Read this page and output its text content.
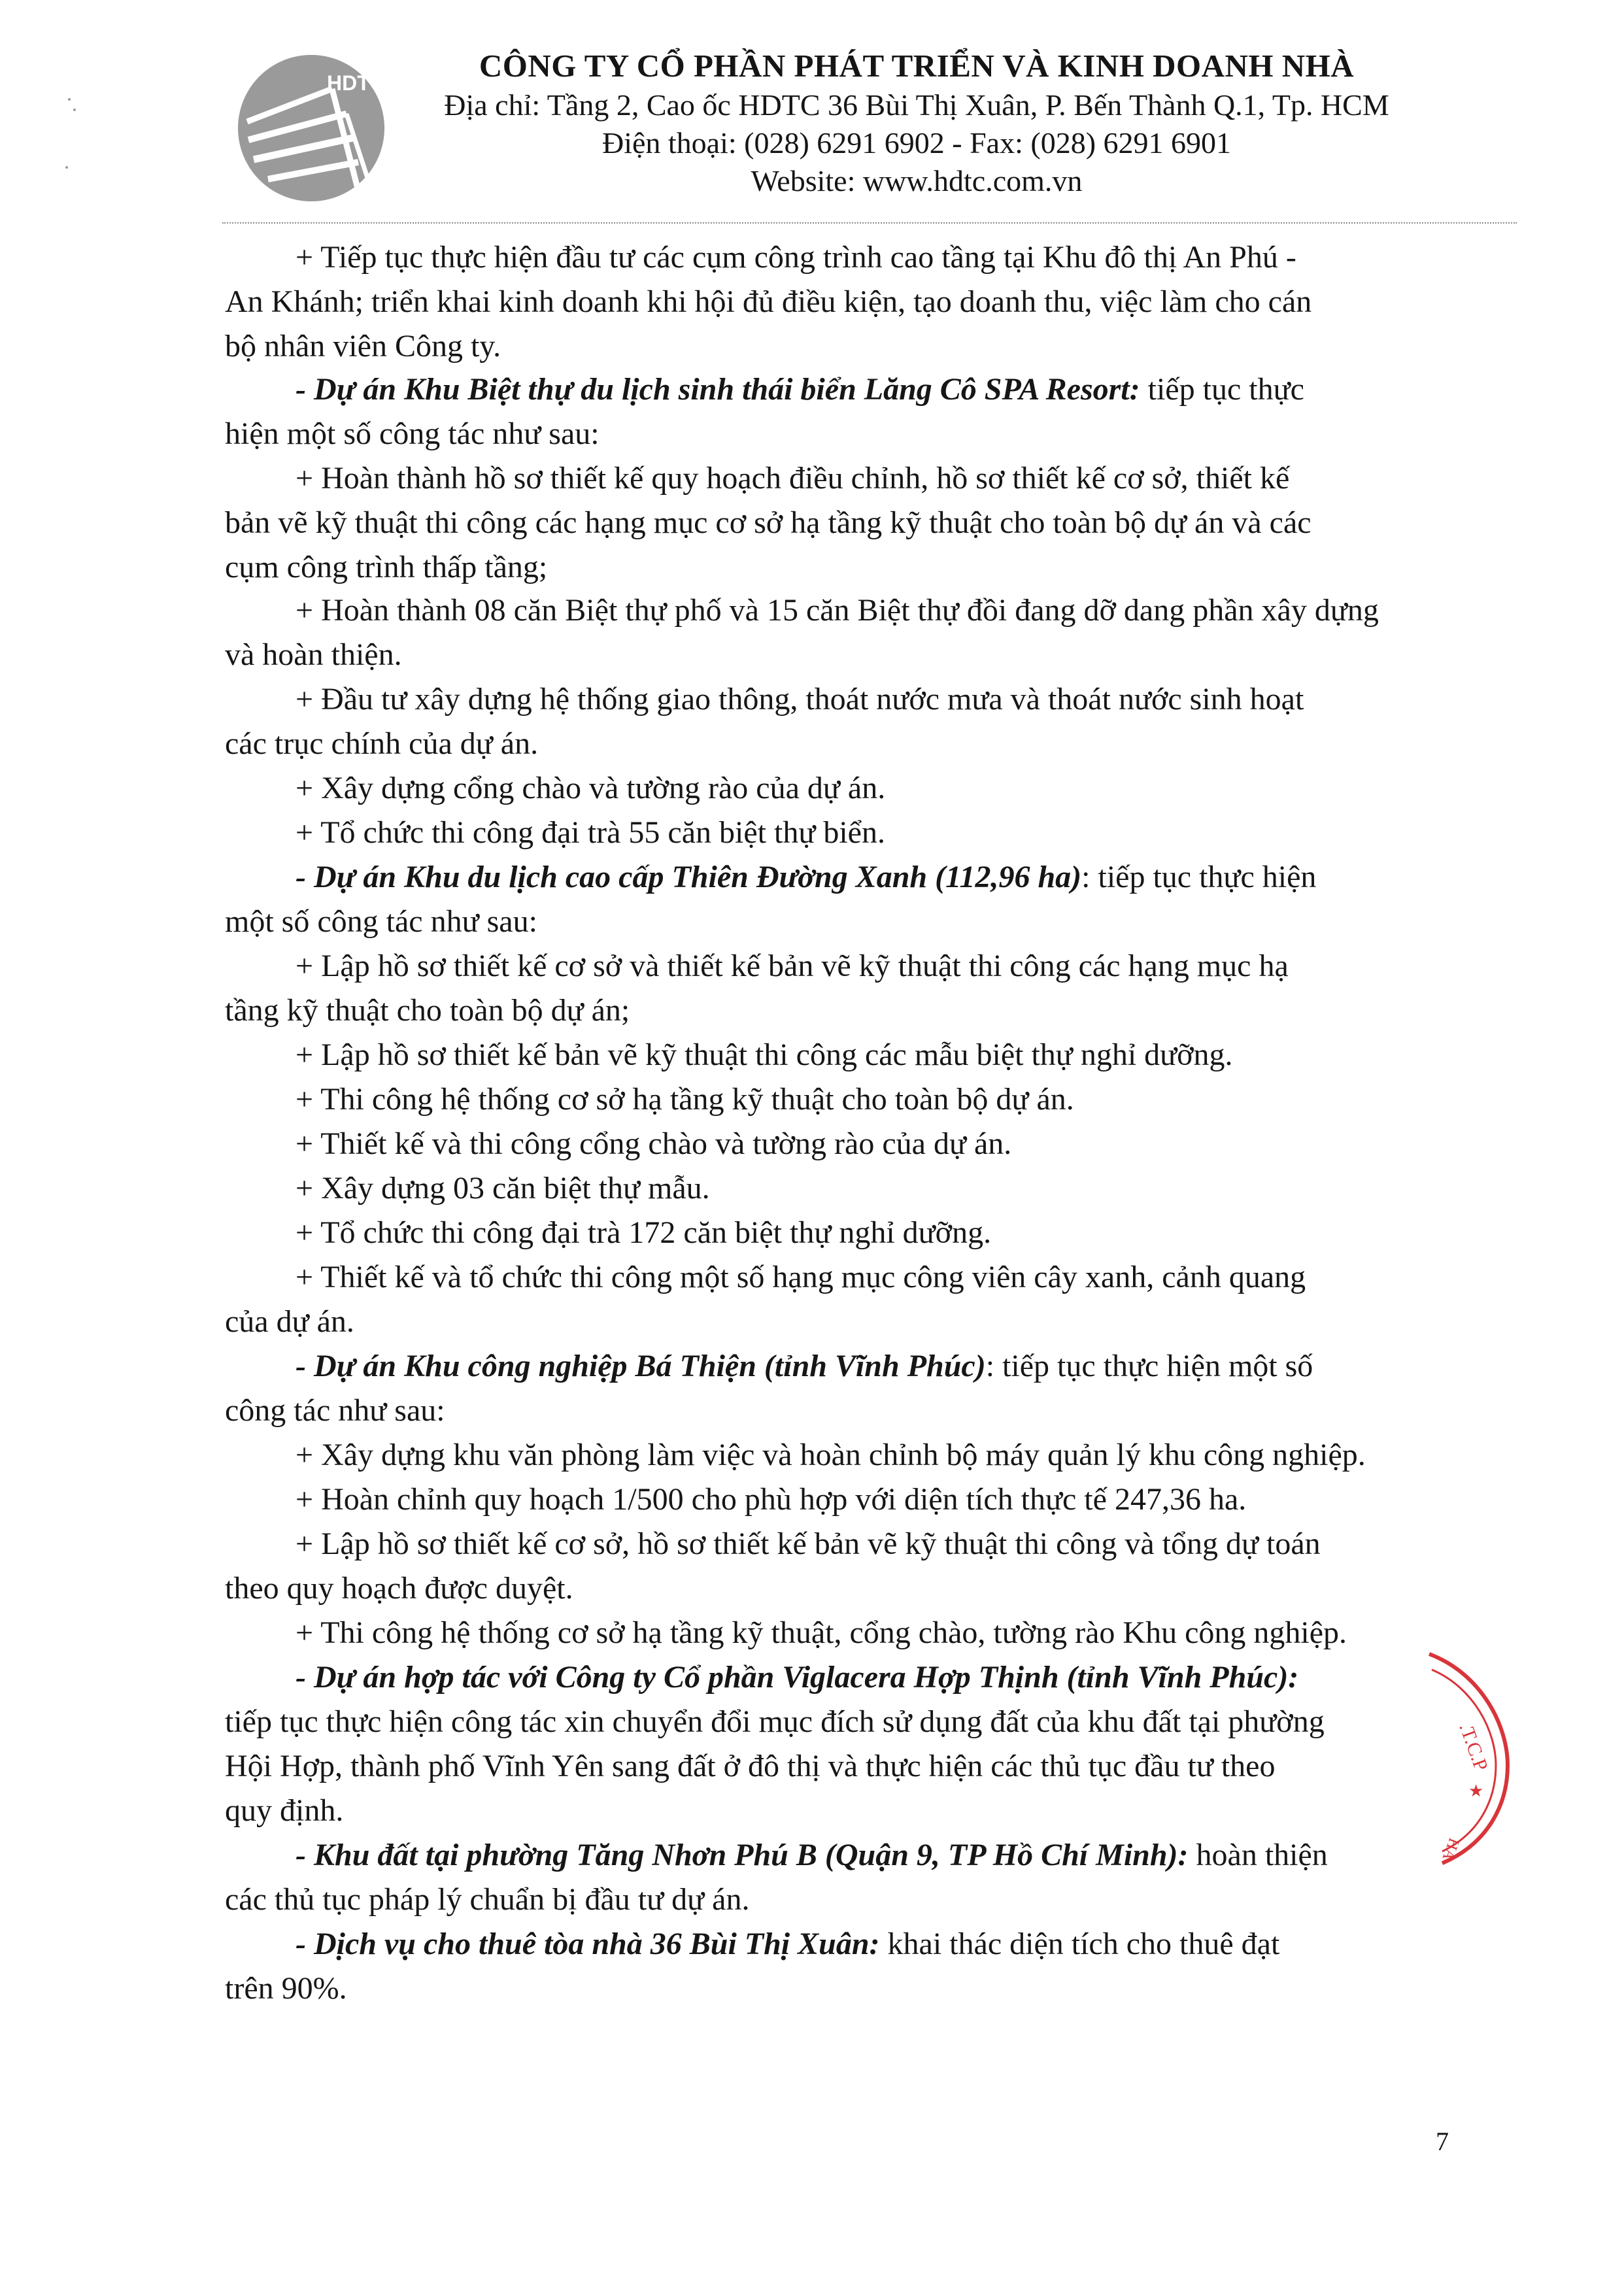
HDTC	CÔNG TY CỔ PHẦN PHÁT TRIỂN VÀ KINH DOANH NHÀ
Địa chỉ: Tầng 2, Cao ốc HDTC 36 Bùi Thị Xuân, P. Bến Thành Q.1, Tp. HCM
Điện thoại: (028) 6291 6902 - Fax: (028) 6291 6901
Website: www.hdtc.com.vn
+ Tiếp tục thực hiện đầu tư các cụm công trình cao tầng tại Khu đô thị An Phú -
An Khánh; triển khai kinh doanh khi hội đủ điều kiện, tạo doanh thu, việc làm cho cán
bộ nhân viên Công ty.
- Dự án Khu Biệt thự du lịch sinh thái biển Lăng Cô SPA Resort: tiếp tục thực
hiện một số công tác như sau:
+ Hoàn thành hồ sơ thiết kế quy hoạch điều chỉnh, hồ sơ thiết kế cơ sở, thiết kế
bản vẽ kỹ thuật thi công các hạng mục cơ sở hạ tầng kỹ thuật cho toàn bộ dự án và các
cụm công trình thấp tầng;
+ Hoàn thành 08 căn Biệt thự phố và 15 căn Biệt thự đồi đang dỡ dang phần xây dựng
và hoàn thiện.
+ Đầu tư xây dựng hệ thống giao thông, thoát nước mưa và thoát nước sinh hoạt
các trục chính của dự án.
+ Xây dựng cổng chào và tường rào của dự án.
+ Tổ chức thi công đại trà 55 căn biệt thự biển.
- Dự án Khu du lịch cao cấp Thiên Đường Xanh (112,96 ha): tiếp tục thực hiện
một số công tác như sau:
+ Lập hồ sơ thiết kế cơ sở và thiết kế bản vẽ kỹ thuật thi công các hạng mục hạ
tầng kỹ thuật cho toàn bộ dự án;
+ Lập hồ sơ thiết kế bản vẽ kỹ thuật thi công các mẫu biệt thự nghỉ dưỡng.
+ Thi công hệ thống cơ sở hạ tầng kỹ thuật cho toàn bộ dự án.
+ Thiết kế và thi công cổng chào và tường rào của dự án.
+ Xây dựng 03 căn biệt thự mẫu.
+ Tổ chức thi công đại trà 172 căn biệt thự nghỉ dưỡng.
+ Thiết kế và tổ chức thi công một số hạng mục công viên cây xanh, cảnh quang
của dự án.
- Dự án Khu công nghiệp Bá Thiện (tỉnh Vĩnh Phúc): tiếp tục thực hiện một số
công tác như sau:
+ Xây dựng khu văn phòng làm việc và hoàn chỉnh bộ máy quản lý khu công nghiệp.
+ Hoàn chỉnh quy hoạch 1/500 cho phù hợp với diện tích thực tế 247,36 ha.
+ Lập hồ sơ thiết kế cơ sở, hồ sơ thiết kế bản vẽ kỹ thuật thi công và tổng dự toán
theo quy hoạch được duyệt.
+ Thi công hệ thống cơ sở hạ tầng kỹ thuật, cổng chào, tường rào Khu công nghiệp.
- Dự án hợp tác với Công ty Cổ phần Viglacera Hợp Thịnh (tỉnh Vĩnh Phúc):
tiếp tục thực hiện công tác xin chuyển đổi mục đích sử dụng đất của khu đất tại phường
Hội Hợp, thành phố Vĩnh Yên sang đất ở đô thị và thực hiện các thủ tục đầu tư theo
quy định.
- Khu đất tại phường Tăng Nhơn Phú B (Quận 9, TP Hồ Chí Minh): hoàn thiện
các thủ tục pháp lý chuẩn bị đầu tư dự án.
- Dịch vụ cho thuê tòa nhà 36 Bùi Thị Xuân: khai thác diện tích cho thuê đạt
trên 90%.
.T.C.P
★
HÀ
7
